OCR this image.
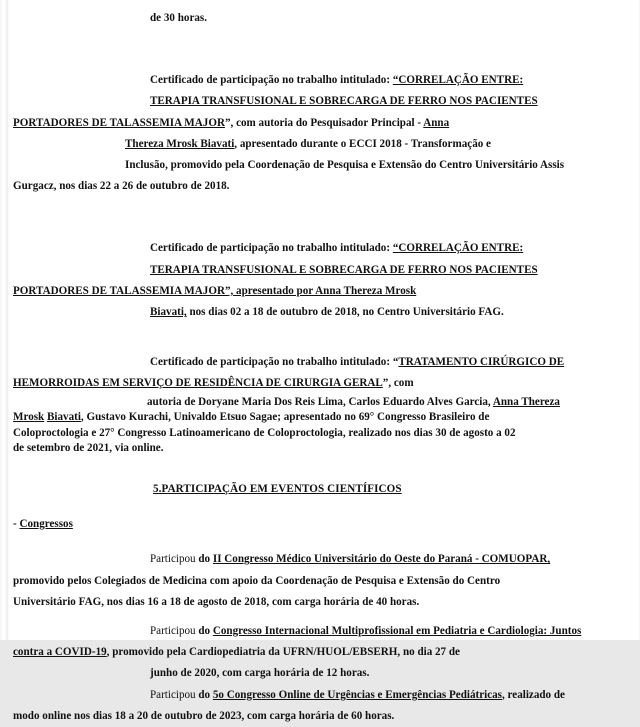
de 30 horas.

Certificado de participação no trabalho intitulado: “CORRELAÇÃO ENTRE:

TERAPIA TRANSFUSIONAL E SOBRECARGA DE FERRO NOS PACIENTES

PORTADORES DE TALASSEMIA MAJOR”, com autoria do Pesquisador Principal - Anna

Thereza Mrosk Biavati, apresentado durante o ECCI 2018 - Transformação e

Inclusão, promovido pela Coordenação de Pesquisa e Extensão do Centro Universitário Assis

Gurgacz, nos dias 22 a 26 de outubro de 2018.

Certificado de participação no trabalho intitulado: “CORRELAÇÃO ENTRE:

TERAPIA TRANSFUSIONAL E SOBRECARGA DE FERRO NOS PACIENTES

PORTADORES DE TALASSEMIA MAJOR”, apresentado por Anna Thereza Mrosk

Biavati, nos dias 02 a 18 de outubro de 2018, no Centro Universitário FAG.

Certificado de participação no trabalho intitulado: “TRATAMENTO CIRÚRGICO DE

HEMORROIDAS EM SERVIÇO DE RESIDÊNCIA DE CIRURGIA GERAL”, com

autoria de Doryane Maria Dos Reis Lima, Carlos Eduardo Alves Garcia, Anna Thereza

Mrosk Biavati, Gustavo Kurachi, Univaldo Etsuo Sagae; apresentado no 69° Congresso Brasileiro de

Coloproctologia e 27° Congresso Latinoamericano de Coloproctologia, realizado nos dias 30 de agosto a 02

de setembro de 2021, via online.

5.PARTICIPAÇÃO EM EVENTOS CIENTÍFICOS

- Congressos

Participou do II Congresso Médico Universitário do Oeste do Paraná - COMUOPAR,

promovido pelos Colegiados de Medicina com apoio da Coordenação de Pesquisa e Extensão do Centro

Universitário FAG, nos dias 16 a 18 de agosto de 2018, com carga horária de 40 horas.

Participou do Congresso Internacional Multiprofissional em Pediatria e Cardiologia: Juntos

contra a COVID-19, promovido pela Cardiopediatria da UFRN/HUOL/EBSERH, no dia 27 de

junho de 2020, com carga horária de 12 horas.

Participou do 5o Congresso Online de Urgências e Emergências Pediátricas, realizado de

modo online nos dias 18 a 20 de outubro de 2023, com carga horária de 60 horas.
